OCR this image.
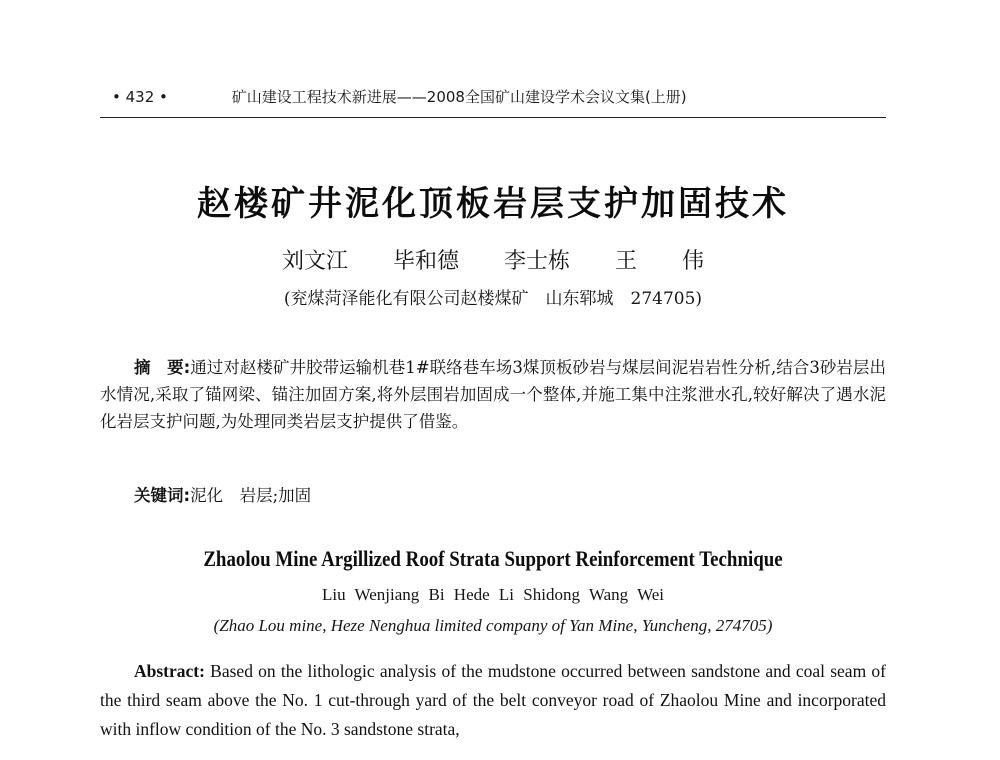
• 432 •	矿山建设工程技术新进展——2008全国矿山建设学术会议文集(上册)
赵楼矿井泥化顶板岩层支护加固技术
刘文江 毕和德 李士栋 王 伟
(兖煤菏泽能化有限公司赵楼煤矿　山东郓城　274705)
摘　要:通过对赵楼矿井胶带运输机巷1#联络巷车场3煤顶板砂岩与煤层间泥岩岩性分析,结合3砂岩层出水情况,采取了锚网梁、锚注加固方案,将外层围岩加固成一个整体,并施工集中注浆泄水孔,较好解决了遇水泥化岩层支护问题,为处理同类岩层支护提供了借鉴。
关键词:泥化　岩层;加固
Zhaolou Mine Argillized Roof Strata Support Reinforcement Technique
Liu Wenjiang Bi Hede Li Shidong Wang Wei
(Zhao Lou mine, Heze Nenghua limited company of Yan Mine, Yuncheng, 274705)
Abstract: Based on the lithologic analysis of the mudstone occurred between sandstone and coal seam of the third seam above the No. 1 cut-through yard of the belt conveyor road of Zhaolou Mine and incorporated with inflow condition of the No. 3 sandstone strata,
